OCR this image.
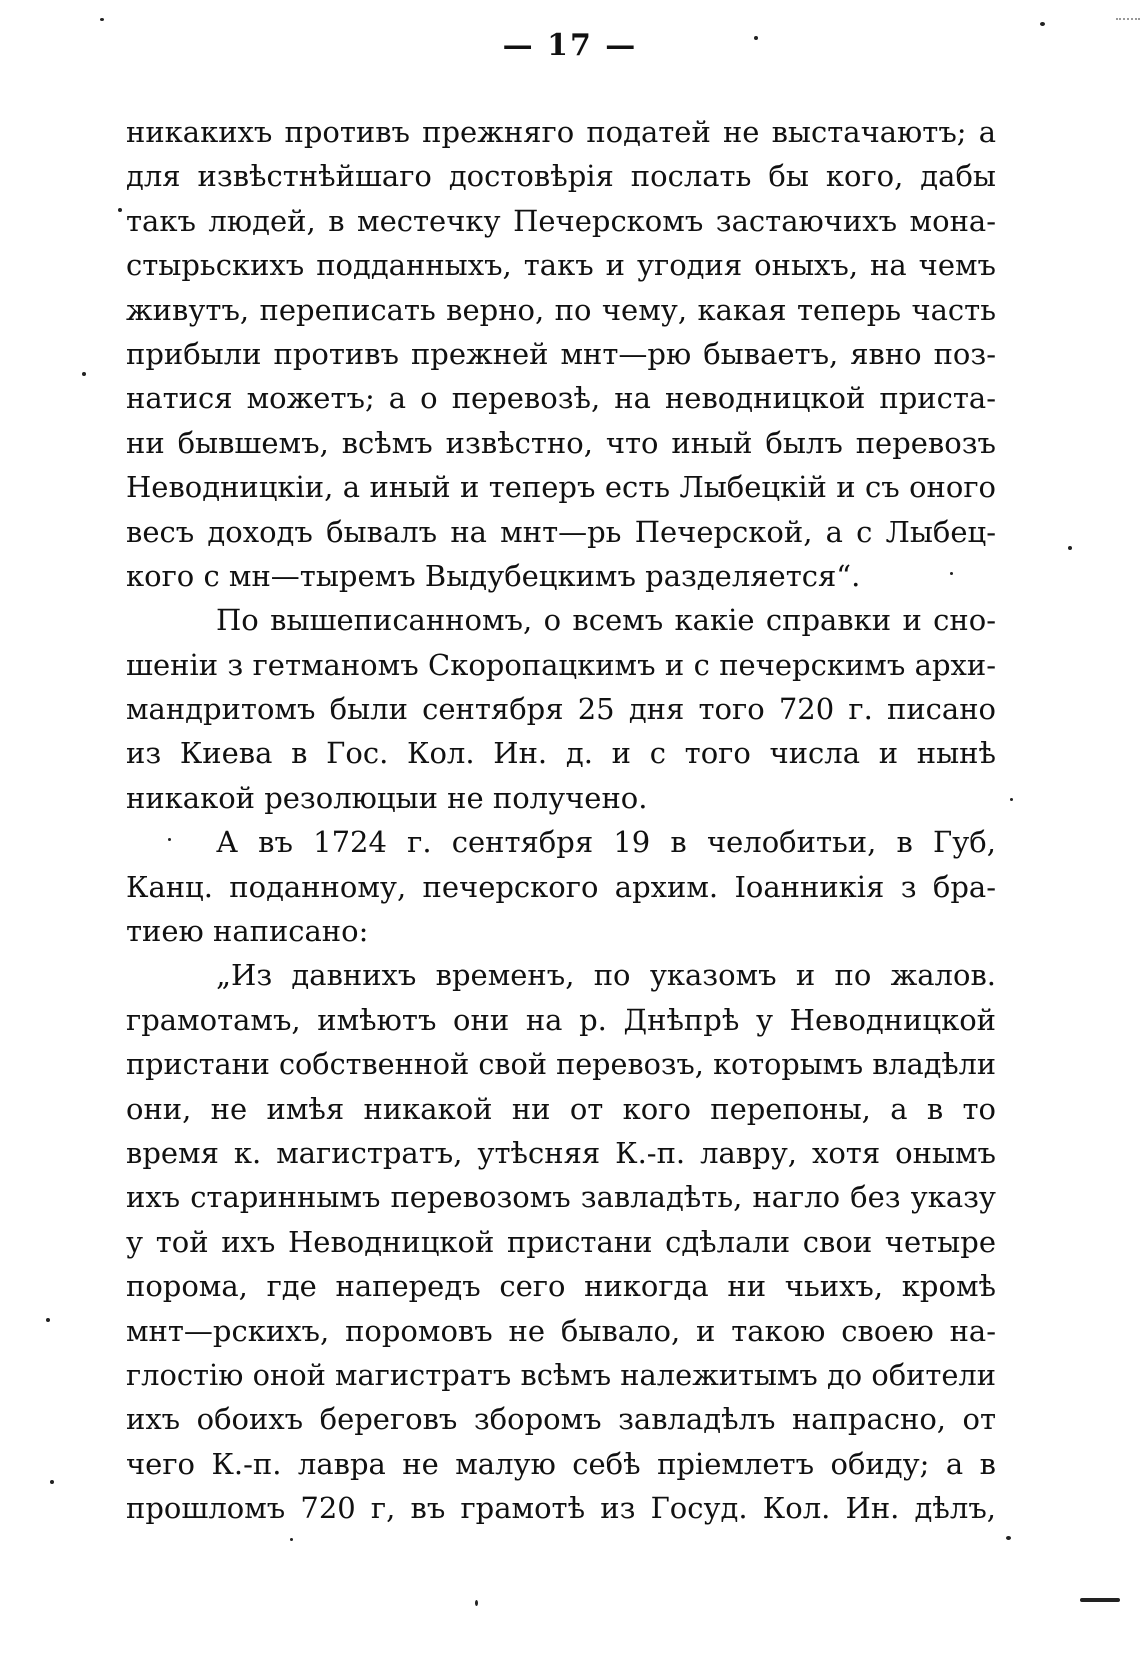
— 17 —
никакихъ противъ прежняго податей не выстачаютъ; а
для извѣстнѣйшаго достовѣрія послать бы кого, дабы
такъ людей, в местечку Печерскомъ застаючихъ мона-
стырьскихъ подданныхъ, такъ и угодия оныхъ, на чемъ
живутъ, переписать верно, по чему, какая теперь часть
прибыли противъ прежней мнт—рю бываетъ, явно поз-
натися можетъ; а о перевозѣ, на неводницкой приста-
ни бывшемъ, всѣмъ извѣстно, что иный былъ перевозъ
Неводницкіи, а иный и теперъ есть Лыбецкій и съ оного
весъ доходъ бывалъ на мнт—рь Печерской, а с Лыбец-
кого с мн—тыремъ Выдубецкимъ разделяется“.
По вышеписанномъ, о всемъ какіе справки и сно-
шеніи з гетманомъ Скоропацкимъ и с печерскимъ архи-
мандритомъ были сентября 25 дня того 720 г. писано
из Киева в Гос. Кол. Ин. д. и с того числа и нынѣ
никакой резолюцыи не получено.
А въ 1724 г. сентября 19 в челобитьи, в Губ,
Канц. поданному, печерского архим. Іоанникія з бра-
тиею написано:
„Из давнихъ временъ, по указомъ и по жалов.
грамотамъ, имѣютъ они на р. Днѣпрѣ у Неводницкой
пристани собственной свой перевозъ, которымъ владѣли
они, не имѣя никакой ни от кого перепоны, а в то
время к. магистратъ, утѣсняя К.-п. лавру, хотя онымъ
ихъ стариннымъ перевозомъ завладѣть, нагло без указу
у той ихъ Неводницкой пристани сдѣлали свои четыре
порома, где напередъ сего никогда ни чьихъ, кромѣ
мнт—рскихъ, поромовъ не бывало, и такою своею на-
глостію оной магистратъ всѣмъ належитымъ до обители
ихъ обоихъ береговъ зборомъ завладѣлъ напрасно, от
чего К.-п. лавра не малую себѣ пріемлетъ обиду; а в
прошломъ 720 г, въ грамотѣ из Госуд. Кол. Ин. дѣлъ,
